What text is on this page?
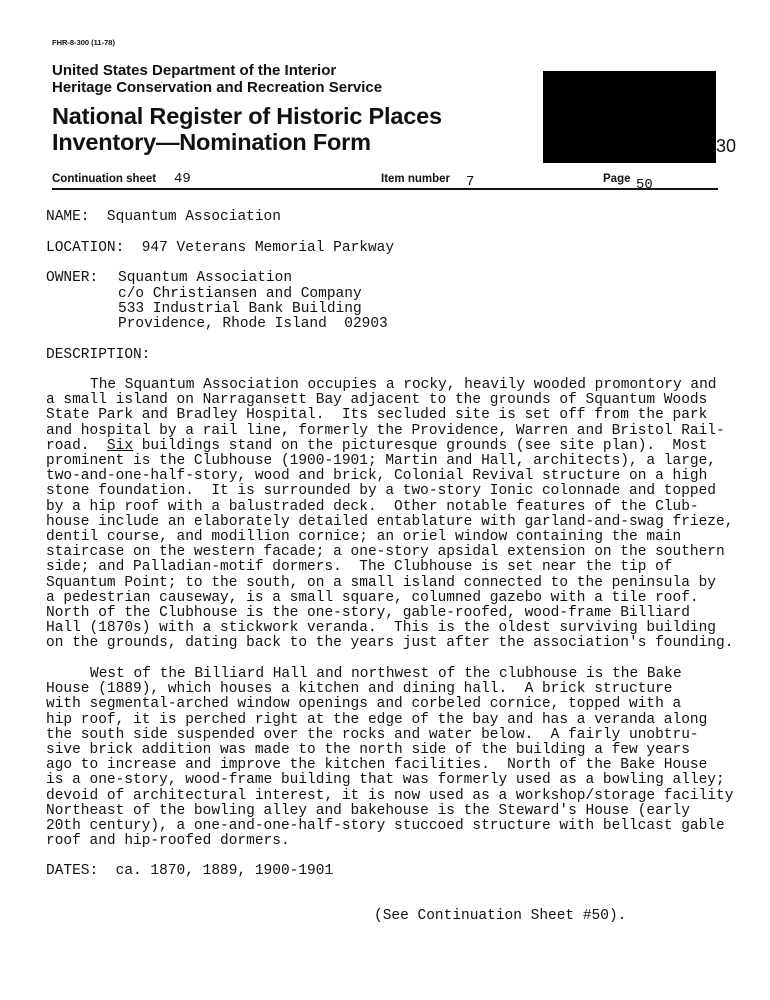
FHR-8-300 (11-78)
United States Department of the Interior
Heritage Conservation and Recreation Service
National Register of Historic Places
Inventory—Nomination Form	30
Continuation sheet 49	Item number 7	Page 50
NAME: Squantum Association
LOCATION: 947 Veterans Memorial Parkway
OWNER: Squantum Association
c/o Christiansen and Company
533 Industrial Bank Building
Providence, Rhode Island  02903
DESCRIPTION:
The Squantum Association occupies a rocky, heavily wooded promontory and
a small island on Narragansett Bay adjacent to the grounds of Squantum Woods
State Park and Bradley Hospital.  Its secluded site is set off from the park
and hospital by a rail line, formerly the Providence, Warren and Bristol Rail-
road.  Six buildings stand on the picturesque grounds (see site plan).  Most
prominent is the Clubhouse (1900-1901; Martin and Hall, architects), a large,
two-and-one-half-story, wood and brick, Colonial Revival structure on a high
stone foundation.  It is surrounded by a two-story Ionic colonnade and topped
by a hip roof with a balustraded deck.  Other notable features of the Club-
house include an elaborately detailed entablature with garland-and-swag frieze,
dentil course, and modillion cornice; an oriel window containing the main
staircase on the western facade; a one-story apsidal extension on the southern
side; and Palladian-motif dormers.  The Clubhouse is set near the tip of
Squantum Point; to the south, on a small island connected to the peninsula by
a pedestrian causeway, is a small square, columned gazebo with a tile roof.
North of the Clubhouse is the one-story, gable-roofed, wood-frame Billiard
Hall (1870s) with a stickwork veranda.  This is the oldest surviving building
on the grounds, dating back to the years just after the association's founding.
West of the Billiard Hall and northwest of the clubhouse is the Bake
House (1889), which houses a kitchen and dining hall.  A brick structure
with segmental-arched window openings and corbeled cornice, topped with a
hip roof, it is perched right at the edge of the bay and has a veranda along
the south side suspended over the rocks and water below.  A fairly unobtru-
sive brick addition was made to the north side of the building a few years
ago to increase and improve the kitchen facilities.  North of the Bake House
is a one-story, wood-frame building that was formerly used as a bowling alley;
devoid of architectural interest, it is now used as a workshop/storage facility
Northeast of the bowling alley and bakehouse is the Steward's House (early
20th century), a one-and-one-half-story stuccoed structure with bellcast gable
roof and hip-roofed dormers.
DATES: ca. 1870, 1889, 1900-1901
(See Continuation Sheet #50).
